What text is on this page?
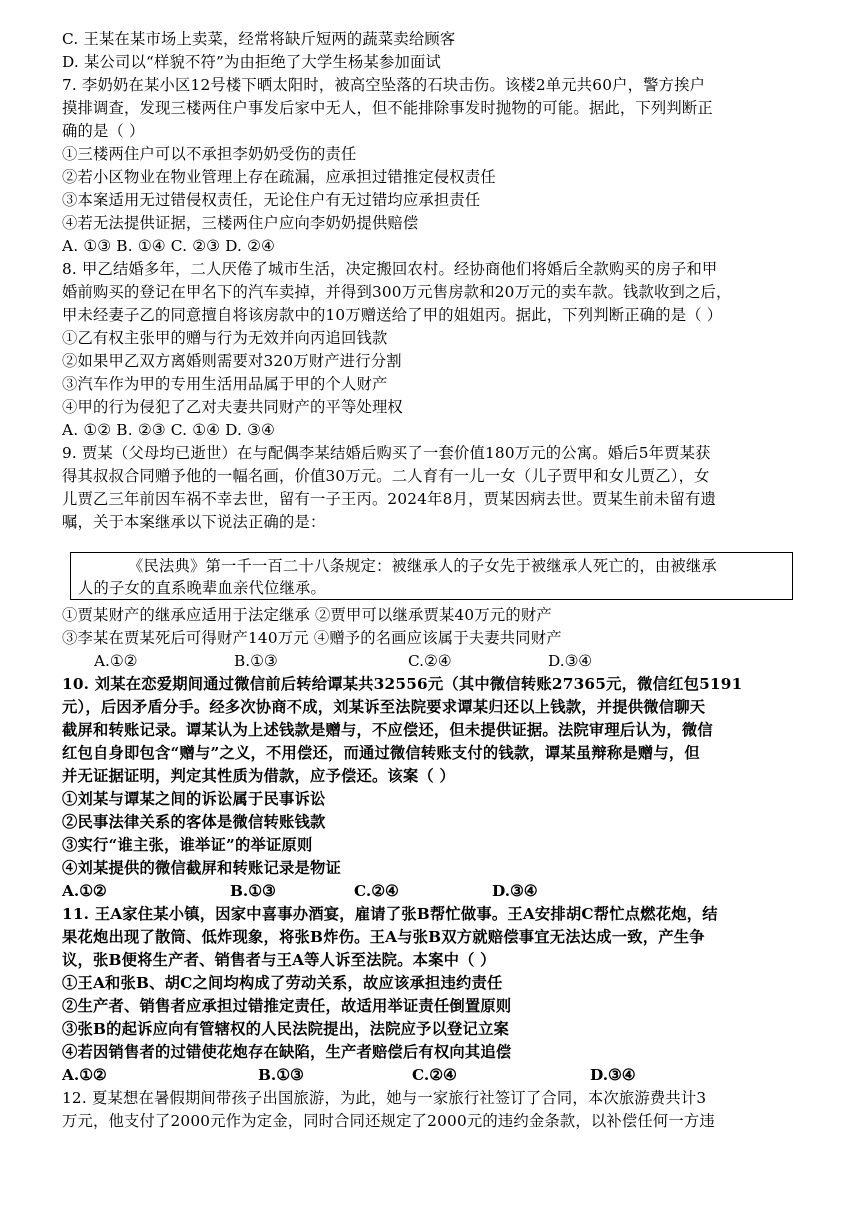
C. 王某在某市场上卖菜，经常将缺斤短两的蔬菜卖给顾客
D. 某公司以“样貌不符”为由拒绝了大学生杨某参加面试
7. 李奶奶在某小区12号楼下晒太阳时，被高空坠落的石块击伤。该楼2单元共60户，警方挨户
摸排调查，发现三楼两住户事发后家中无人，但不能排除事发时抛物的可能。据此，下列判断正
确的是（ ）
①三楼两住户可以不承担李奶奶受伤的责任
②若小区物业在物业管理上存在疏漏，应承担过错推定侵权责任
③本案适用无过错侵权责任，无论住户有无过错均应承担责任
④若无法提供证据，三楼两住户应向李奶奶提供赔偿
A. ①③ B. ①④ C. ②③ D. ②④
8. 甲乙结婚多年，二人厌倦了城市生活，决定搬回农村。经协商他们将婚后全款购买的房子和甲
婚前购买的登记在甲名下的汽车卖掉，并得到300万元售房款和20万元的卖车款。钱款收到之后，
甲未经妻子乙的同意擅自将该房款中的10万赠送给了甲的姐姐丙。据此，下列判断正确的是（ ）
①乙有权主张甲的赠与行为无效并向丙追回钱款
②如果甲乙双方离婚则需要对320万财产进行分割
③汽车作为甲的专用生活用品属于甲的个人财产
④甲的行为侵犯了乙对夫妻共同财产的平等处理权
A. ①② B. ②③ C. ①④ D. ③④
9. 贾某（父母均已逝世）在与配偶李某结婚后购买了一套价值180万元的公寓。婚后5年贾某获
得其叔叔合同赠予他的一幅名画，价值30万元。二人育有一儿一女（儿子贾甲和女儿贾乙），女
儿贾乙三年前因车祸不幸去世，留有一子王丙。2024年8月，贾某因病去世。贾某生前未留有遗
嘱，关于本案继承以下说法正确的是：
《民法典》第一千一百二十八条规定：被继承人的子女先于被继承人死亡的，由被继承
人的子女的直系晚辈血亲代位继承。
①贾某财产的继承应适用于法定继承 ②贾甲可以继承贾某40万元的财产
③李某在贾某死后可得财产140万元 ④赠予的名画应该属于夫妻共同财产
A.①②	B.①③	C.②④	D.③④
10. 刘某在恋爱期间通过微信前后转给谭某共32556元（其中微信转账27365元，微信红包5191
元），后因矛盾分手。经多次协商不成，刘某诉至法院要求谭某归还以上钱款，并提供微信聊天
截屏和转账记录。谭某认为上述钱款是赠与，不应偿还，但未提供证据。法院审理后认为，微信
红包自身即包含“赠与”之义，不用偿还，而通过微信转账支付的钱款，谭某虽辩称是赠与，但
并无证据证明，判定其性质为借款，应予偿还。该案（ ）
①刘某与谭某之间的诉讼属于民事诉讼
②民事法律关系的客体是微信转账钱款
③实行“谁主张，谁举证”的举证原则
④刘某提供的微信截屏和转账记录是物证
A.①②	B.①③	C.②④	D.③④
11. 王A家住某小镇，因家中喜事办酒宴，雇请了张B帮忙做事。王A安排胡C帮忙点燃花炮，结
果花炮出现了散筒、低炸现象，将张B炸伤。王A与张B双方就赔偿事宜无法达成一致，产生争
议，张B便将生产者、销售者与王A等人诉至法院。本案中（ ）
①王A和张B、胡C之间均构成了劳动关系，故应该承担违约责任
②生产者、销售者应承担过错推定责任，故适用举证责任倒置原则
③张B的起诉应向有管辖权的人民法院提出，法院应予以登记立案
④若因销售者的过错使花炮存在缺陷，生产者赔偿后有权向其追偿
A.①②	B.①③	C.②④	D.③④
12. 夏某想在暑假期间带孩子出国旅游，为此，她与一家旅行社签订了合同，本次旅游费共计3
万元，他支付了2000元作为定金，同时合同还规定了2000元的违约金条款，以补偿任何一方违
